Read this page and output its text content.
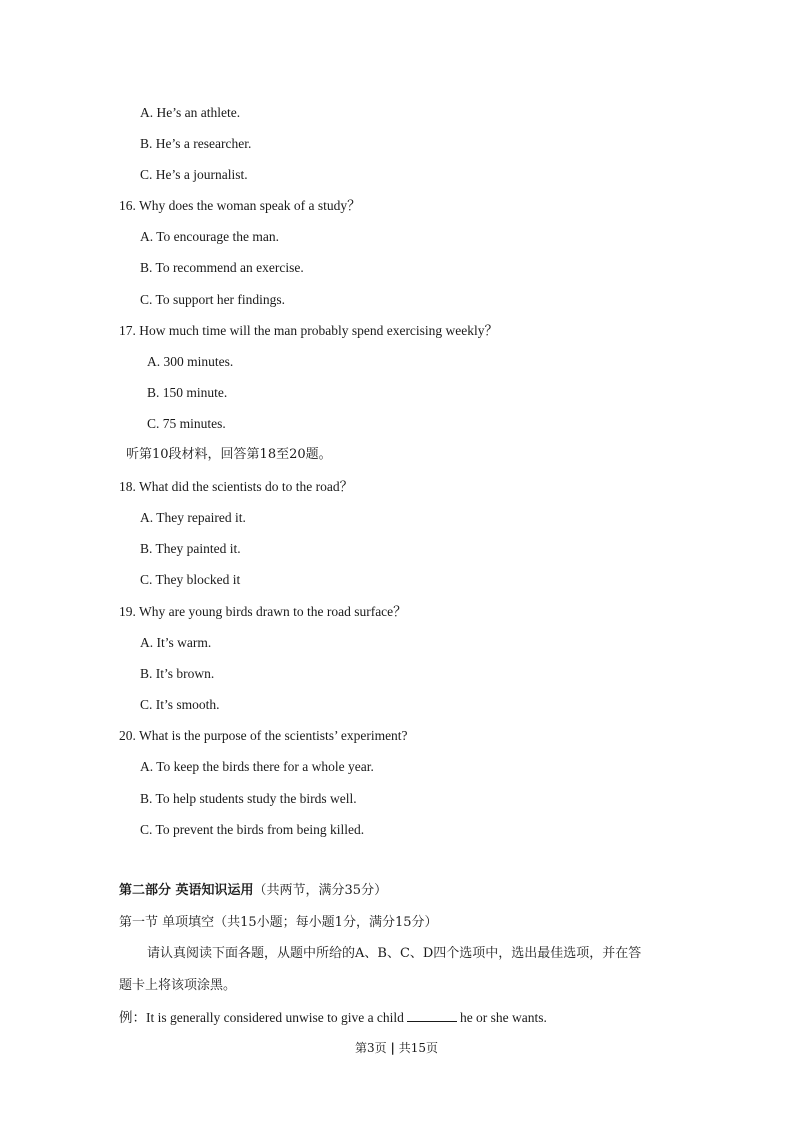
A. He’s an athlete.
B. He’s a researcher.
C. He’s a journalist.
16. Why does the woman speak of a study？
A. To encourage the man.
B. To recommend an exercise.
C. To support her findings.
17. How much time will the man probably spend exercising weekly？
A. 300 minutes.
B. 150 minute.
C. 75 minutes.
听第10段材料，回答第18至20题。
18. What did the scientists do to the road？
A. They repaired it.
B. They painted it.
C. They blocked it
19. Why are young birds drawn to the road surface？
A. It’s warm.
B. It’s brown.
C. It’s smooth.
20. What is the purpose of the scientists’ experiment?
A. To keep the birds there for a whole year.
B. To help students study the birds well.
C. To prevent the birds from being killed.
第二部分 英语知识运用（共两节，满分35分）
第一节 单项填空（共15小题；每小题1分，满分15分）
请认真阅读下面各题，从题中所给的A、B、C、D四个选项中，选出最佳选项，并在答
题卡上将该项涂黑。
例：It is generally considered unwise to give a child	he or she wants.
第3页 | 共15页
